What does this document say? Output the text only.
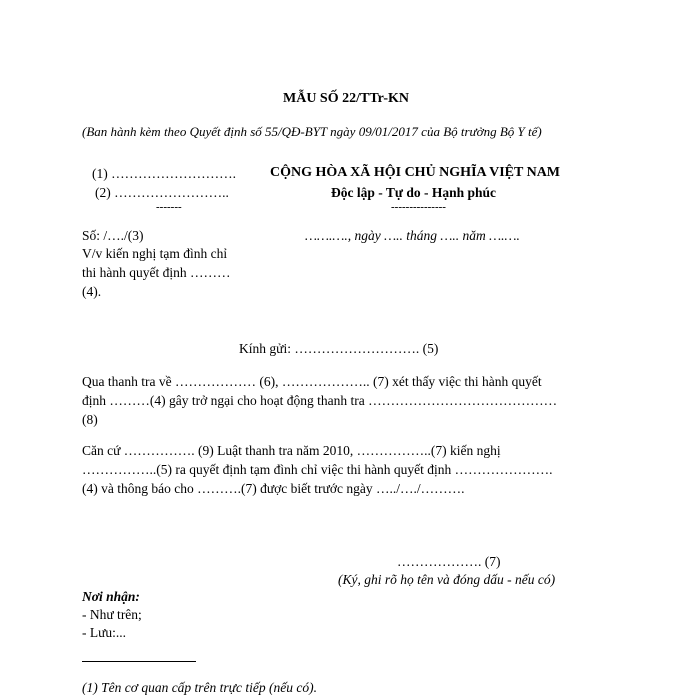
MẪU SỐ 22/TTr-KN
(Ban hành kèm theo Quyết định số 55/QĐ-BYT ngày 09/01/2017 của Bộ trưởng Bộ Y tế)
(1) ……………………….
(2) ……………………..
-------
Số: /…./(3)
V/v kiến nghị tạm đình chỉ
thi hành quyết định ………
(4).
CỘNG HÒA XÃ HỘI CHỦ NGHĨA VIỆT NAM
Độc lập - Tự do - Hạnh phúc
---------------
…….…., ngày ….. tháng ….. năm ….….
Kính gửi: ………………………. (5)
Qua thanh tra về ……………… (6), ……………….. (7) xét thấy việc thi hành quyết
định ………(4) gây trở ngại cho hoạt động thanh tra ……………………………………
(8)
Căn cứ ……………. (9) Luật thanh tra năm 2010, ……………..(7) kiến nghị
……………..(5) ra quyết định tạm đình chỉ việc thi hành quyết định ………………….
(4) và thông báo cho ……….(7) được biết trước ngày …../…./……….
………………. (7)
(Ký, ghi rõ họ tên và đóng dấu - nếu có)
Nơi nhận:
- Như trên;
- Lưu:...
(1) Tên cơ quan cấp trên trực tiếp (nếu có).
